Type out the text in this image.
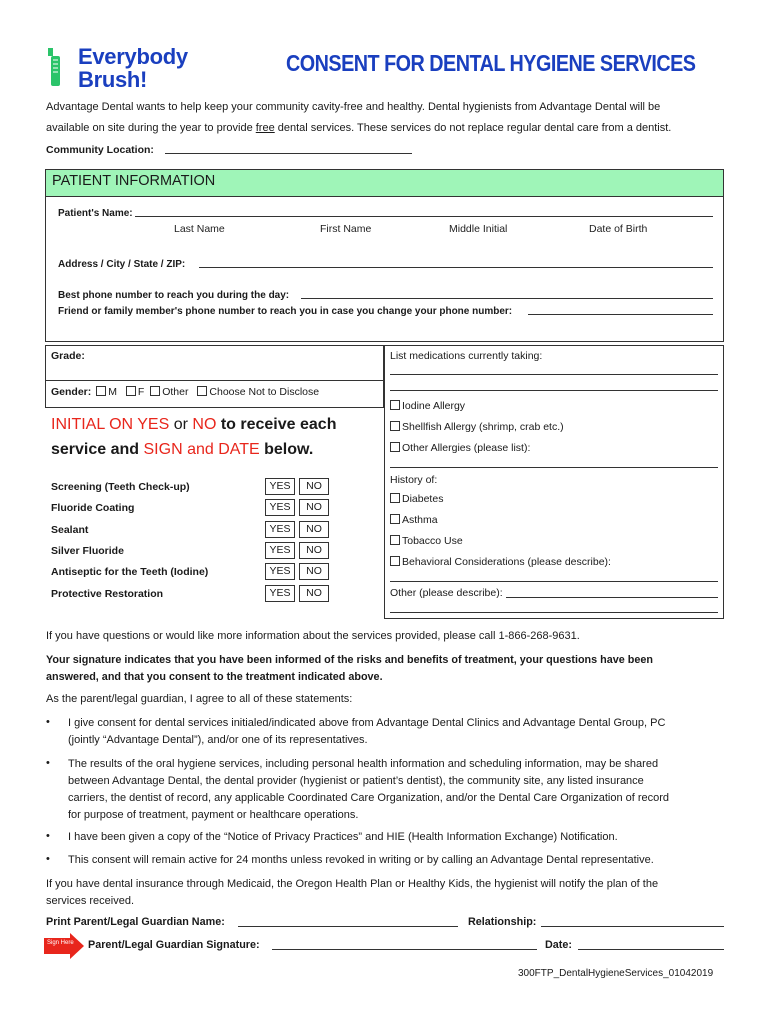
Everybody
Brush!
CONSENT FOR DENTAL HYGIENE SERVICES
Advantage Dental wants to help keep your community cavity-free and healthy. Dental hygienists from Advantage Dental will be
available on site during the year to provide free dental services. These services do not replace regular dental care from a dentist.
Community Location:
PATIENT INFORMATION
Patient's Name:
Last Name	First Name	Middle Initial	Date of Birth
Address / City / State / ZIP:
Best phone number to reach you during the day:
Friend or family member's phone number to reach you in case you change your phone number:
Grade:
Gender: M F Other Choose Not to Disclose
INITIAL ON YES or NO to receive each
service and SIGN and DATE below.
Screening (Teeth Check-up)	YES	NO
Fluoride Coating	YES	NO
Sealant	YES	NO
Silver Fluoride	YES	NO
Antiseptic for the Teeth (Iodine)	YES	NO
Protective Restoration	YES	NO
List medications currently taking:
Iodine Allergy
Shellfish Allergy (shrimp, crab etc.)
Other Allergies (please list):
History of:
Diabetes
Asthma
Tobacco Use
Behavioral Considerations (please describe):
Other (please describe):
If you have questions or would like more information about the services provided, please call 1-866-268-9631.
Your signature indicates that you have been informed of the risks and benefits of treatment, your questions have been
answered, and that you consent to the treatment indicated above.
As the parent/legal guardian, I agree to all of these statements:
• I give consent for dental services initialed/indicated above from Advantage Dental Clinics and Advantage Dental Group, PC
(jointly “Advantage Dental”), and/or one of its representatives.
• The results of the oral hygiene services, including personal health information and scheduling information, may be shared
between Advantage Dental, the dental provider (hygienist or patient’s dentist), the community site, any listed insurance
carriers, the dentist of record, any applicable Coordinated Care Organization, and/or the Dental Care Organization of record
for purpose of treatment, payment or healthcare operations.
• I have been given a copy of the “Notice of Privacy Practices” and HIE (Health Information Exchange) Notification.
• This consent will remain active for 24 months unless revoked in writing or by calling an Advantage Dental representative.
If you have dental insurance through Medicaid, the Oregon Health Plan or Healthy Kids, the hygienist will notify the plan of the
services received.
Print Parent/Legal Guardian Name:	Relationship:
Sign Here Parent/Legal Guardian Signature:	Date:
300FTP_DentalHygieneServices_01042019
